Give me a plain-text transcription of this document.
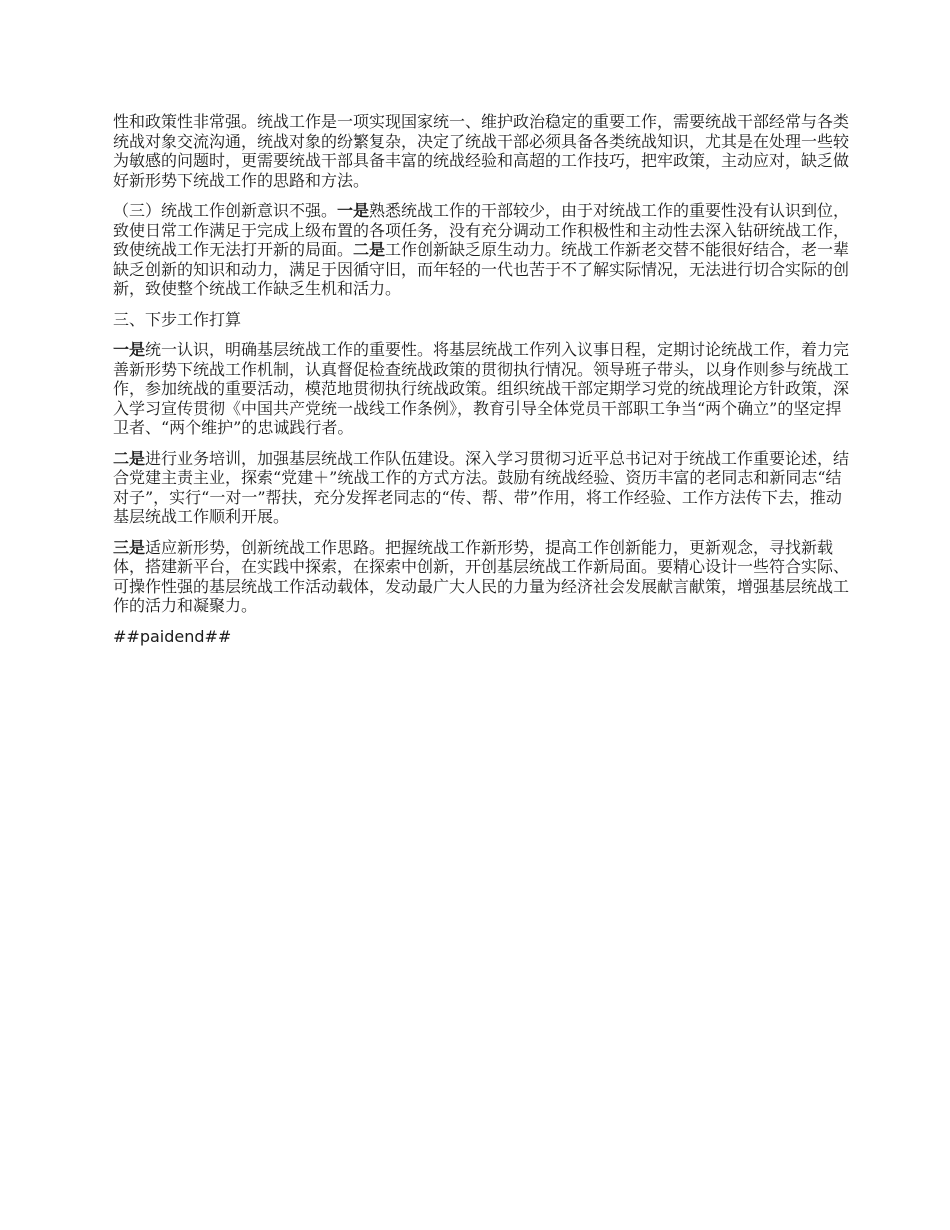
性和政策性非常强。统战工作是一项实现国家统一、维护政治稳定的重要工作，需要统战干部经常与各类统战对象交流沟通，统战对象的纷繁复杂，决定了统战干部必须具备各类统战知识，尤其是在处理一些较为敏感的问题时，更需要统战干部具备丰富的统战经验和高超的工作技巧，把牢政策，主动应对，缺乏做好新形势下统战工作的思路和方法。

（三）统战工作创新意识不强。一是熟悉统战工作的干部较少，由于对统战工作的重要性没有认识到位，致使日常工作满足于完成上级布置的各项任务，没有充分调动工作积极性和主动性去深入钻研统战工作，致使统战工作无法打开新的局面。二是工作创新缺乏原生动力。统战工作新老交替不能很好结合，老一辈缺乏创新的知识和动力，满足于因循守旧，而年轻的一代也苦于不了解实际情况，无法进行切合实际的创新，致使整个统战工作缺乏生机和活力。

三、下步工作打算

一是统一认识，明确基层统战工作的重要性。将基层统战工作列入议事日程，定期讨论统战工作，着力完善新形势下统战工作机制，认真督促检查统战政策的贯彻执行情况。领导班子带头，以身作则参与统战工作，参加统战的重要活动，模范地贯彻执行统战政策。组织统战干部定期学习党的统战理论方针政策，深入学习宣传贯彻《中国共产党统一战线工作条例》，教育引导全体党员干部职工争当“两个确立”的坚定捍卫者、“两个维护”的忠诚践行者。

二是进行业务培训，加强基层统战工作队伍建设。深入学习贯彻习近平总书记对于统战工作重要论述，结合党建主责主业，探索“党建＋”统战工作的方式方法。鼓励有统战经验、资历丰富的老同志和新同志“结对子”，实行“一对一”帮扶，充分发挥老同志的“传、帮、带”作用，将工作经验、工作方法传下去，推动基层统战工作顺利开展。

三是适应新形势，创新统战工作思路。把握统战工作新形势，提高工作创新能力，更新观念，寻找新载体，搭建新平台，在实践中探索，在探索中创新，开创基层统战工作新局面。要精心设计一些符合实际、可操作性强的基层统战工作活动载体，发动最广大人民的力量为经济社会发展献言献策，增强基层统战工作的活力和凝聚力。

##paidend##
